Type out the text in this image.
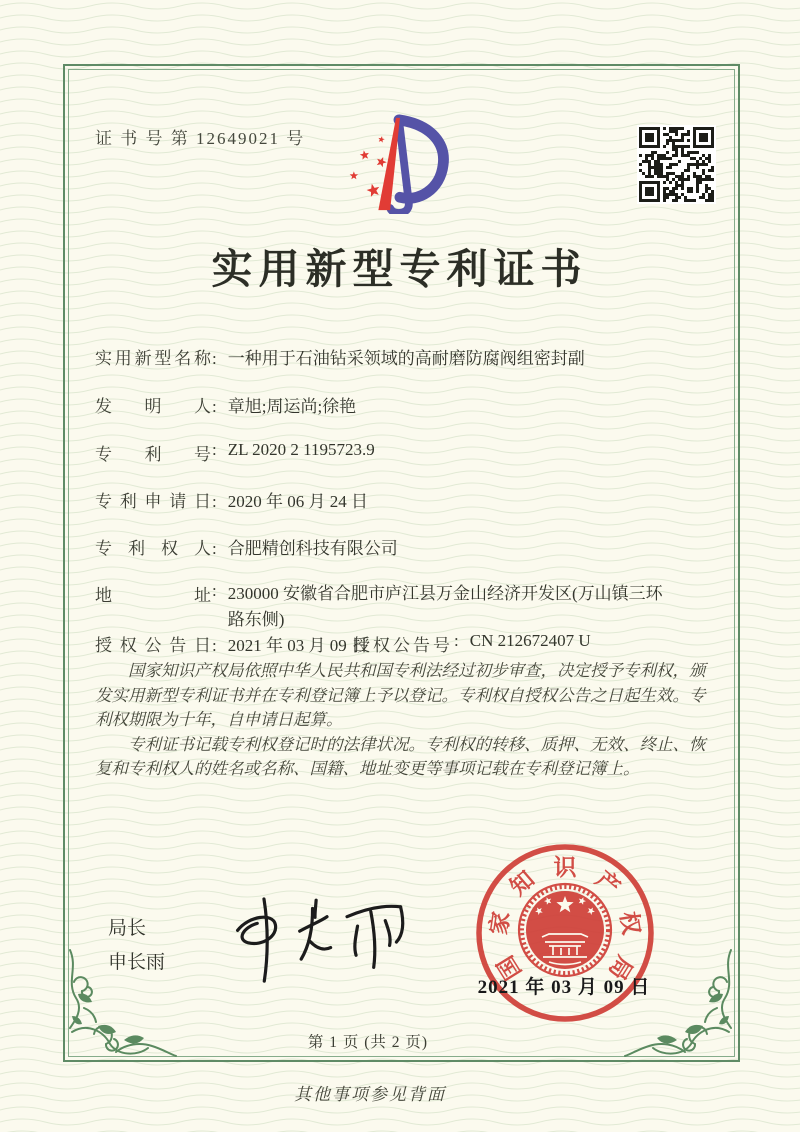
证 书 号 第 12649021 号
实用新型专利证书
实用新型名称: 一种用于石油钻采领域的高耐磨防腐阀组密封副
发明人: 章旭;周运尚;徐艳
专利号: ZL 2020 2 1195723.9
专利申请日: 2020 年 06 月 24 日
专利权人: 合肥精创科技有限公司
地址: 230000 安徽省合肥市庐江县万金山经济开发区(万山镇三环路东侧)
授权公告日: 2021 年 03 月 09 日
授权公告号: CN 212672407 U

国家知识产权局依照中华人民共和国专利法经过初步审查，决定授予专利权，颁发实用新型专利证书并在专利登记簿上予以登记。专利权自授权公告之日起生效。专利权期限为十年，自申请日起算。

专利证书记载专利权登记时的法律状况。专利权的转移、质押、无效、终止、恢复和专利权人的姓名或名称、国籍、地址变更等事项记载在专利登记簿上。

局长
申长雨	国
家
知 识 产
权
局
2021 年 03 月 09 日
第 1 页 (共 2 页)
其他事项参见背面
